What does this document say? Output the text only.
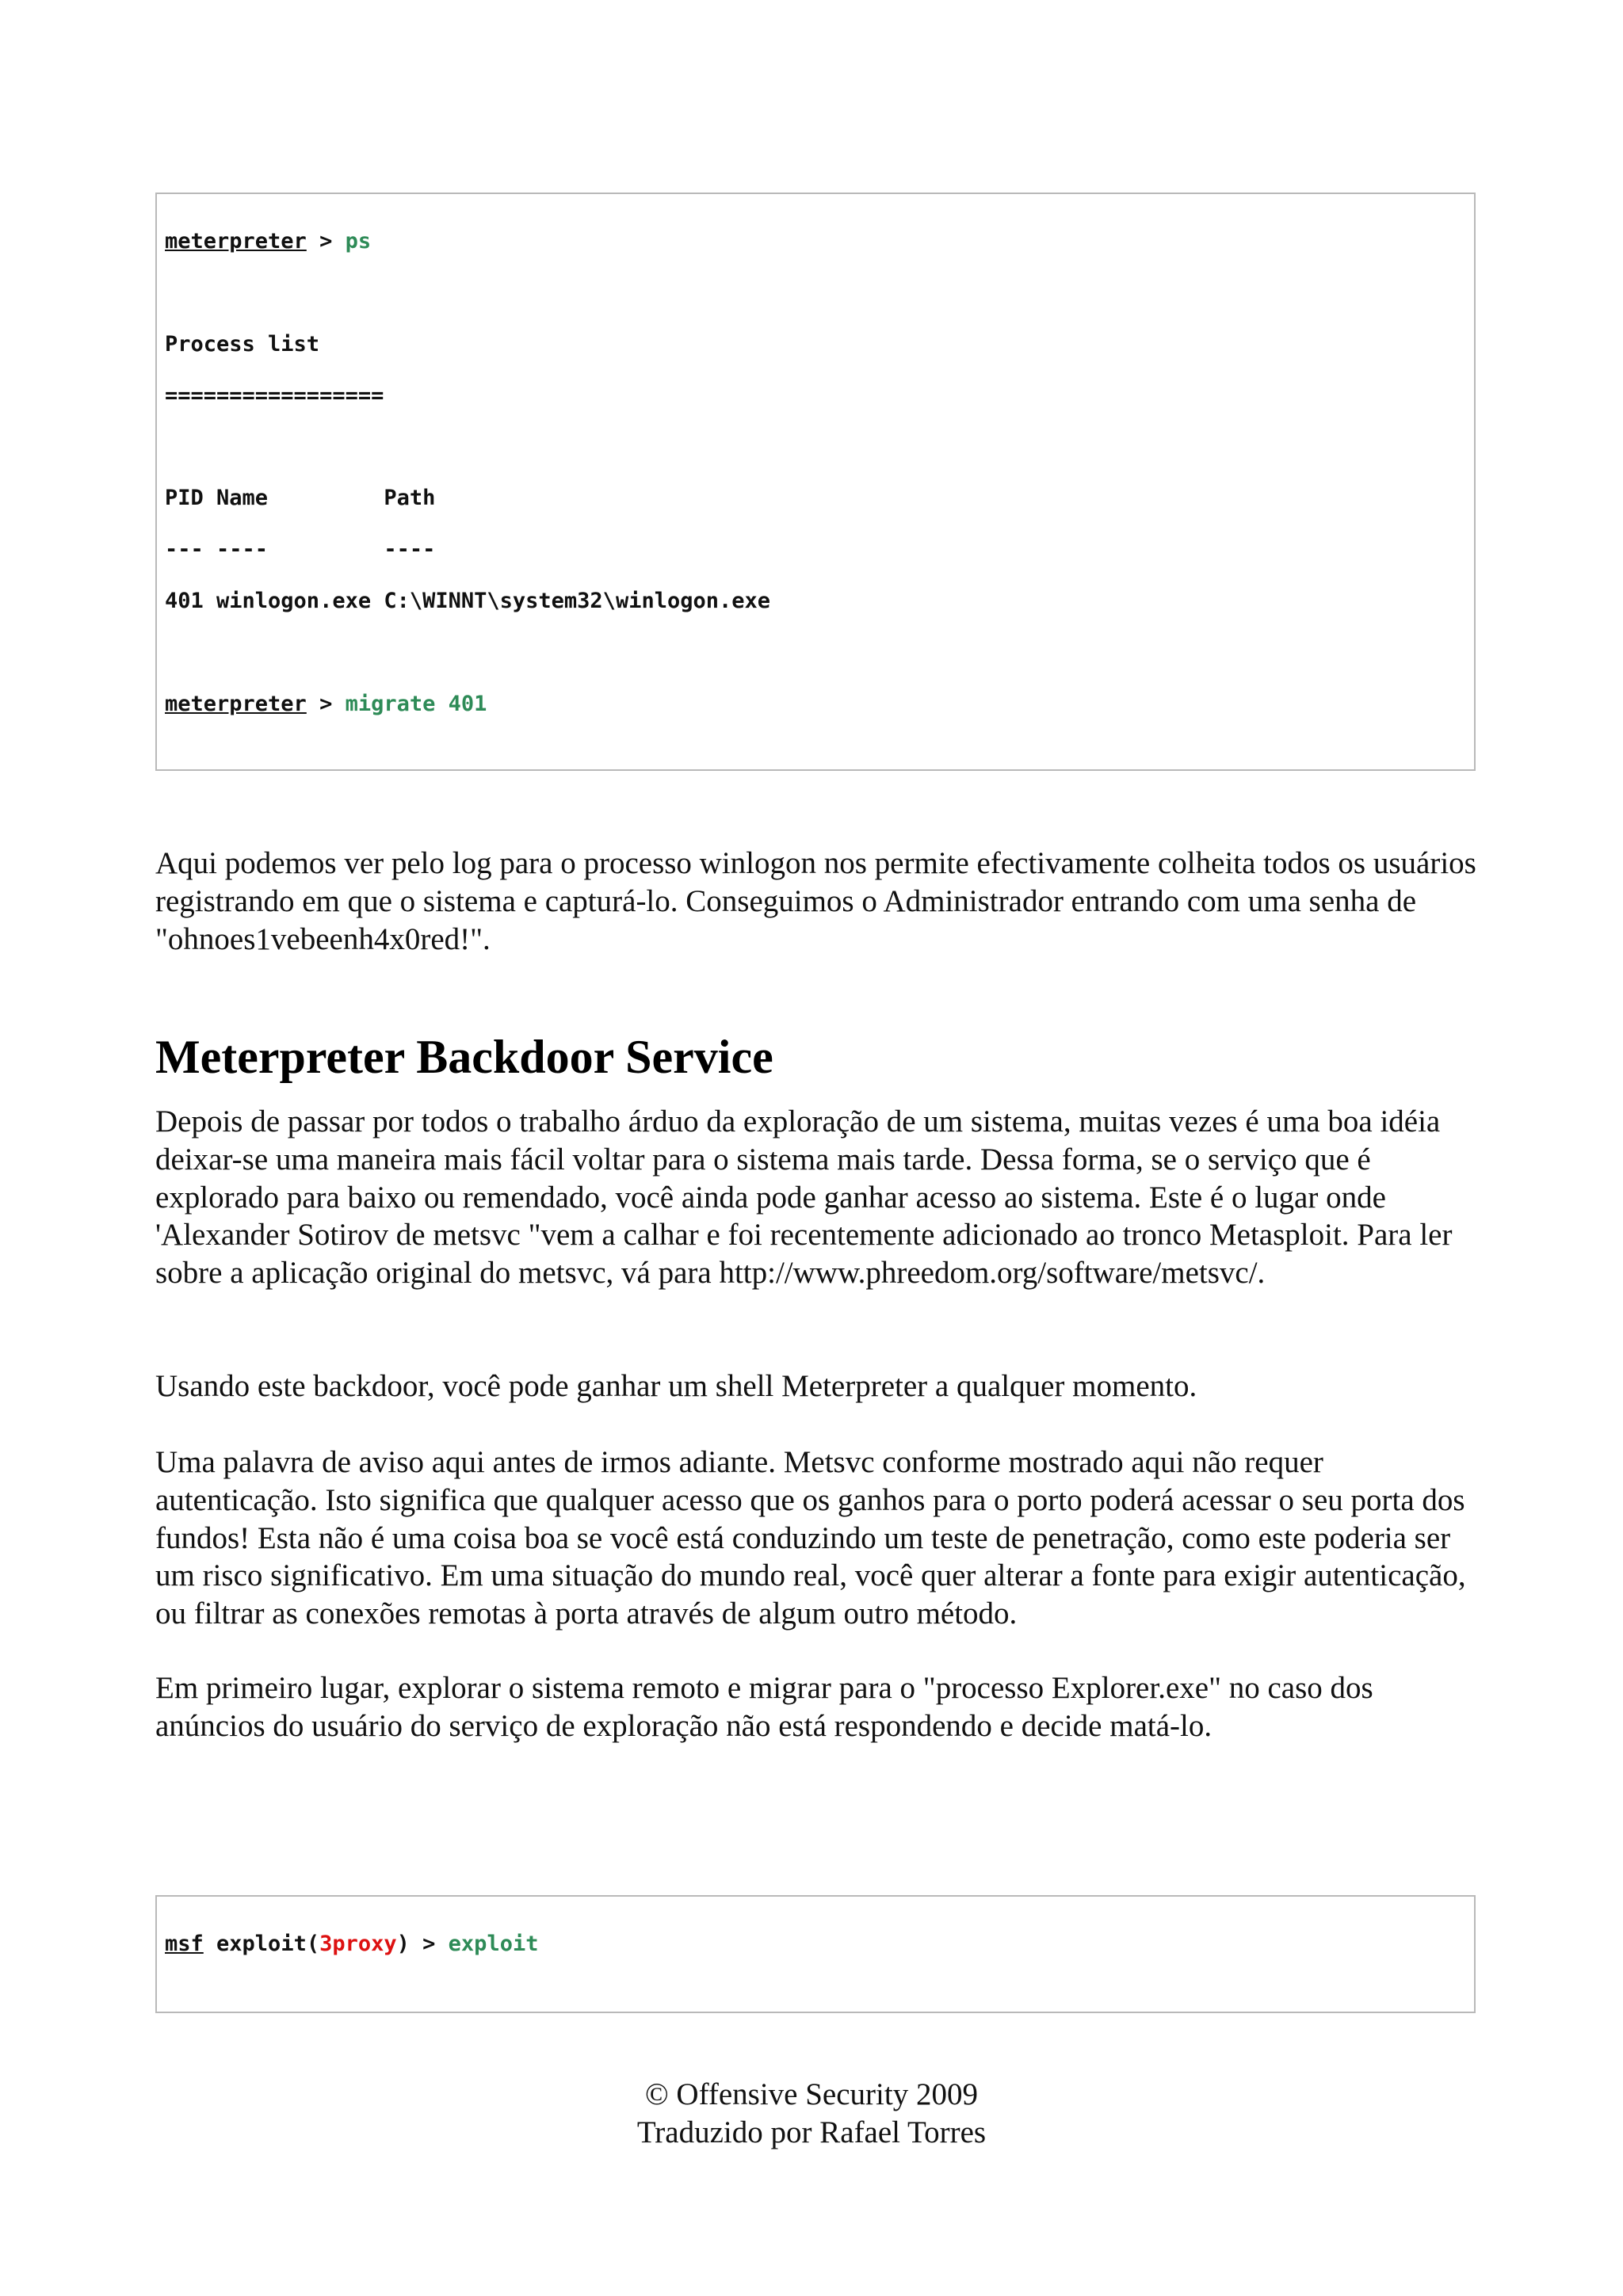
meterpreter > ps

Process list

=================

PID Name         Path

--- ----         ----

401 winlogon.exe C:\WINNT\system32\winlogon.exe

meterpreter > migrate 401

Aqui podemos ver pelo log para o processo winlogon nos permite efectivamente colheita todos os usuários registrando em que o sistema e capturá-lo. Conseguimos o Administrador entrando com uma senha de "ohnoes1vebeenh4x0red!".

Meterpreter Backdoor Service

Depois de passar por todos o trabalho árduo da exploração de um sistema, muitas vezes é uma boa idéia deixar-se uma maneira mais fácil voltar para o sistema mais tarde. Dessa forma, se o serviço que é explorado para baixo ou remendado, você ainda pode ganhar acesso ao sistema. Este é o lugar onde 'Alexander Sotirov de metsvc "vem a calhar e foi recentemente adicionado ao tronco Metasploit. Para ler sobre a aplicação original do metsvc, vá para http://www.phreedom.org/software/metsvc/.

Usando este backdoor, você pode ganhar um shell Meterpreter a qualquer momento.

Uma palavra de aviso aqui antes de irmos adiante. Metsvc conforme mostrado aqui não requer autenticação. Isto significa que qualquer acesso que os ganhos para o porto poderá acessar o seu porta dos fundos! Esta não é uma coisa boa se você está conduzindo um teste de penetração, como este poderia ser um risco significativo. Em uma situação do mundo real, você quer alterar a fonte para exigir autenticação, ou filtrar as conexões remotas à porta através de algum outro método.

Em primeiro lugar, explorar o sistema remoto e migrar para o "processo Explorer.exe" no caso dos anúncios do usuário do serviço de exploração não está respondendo e decide matá-lo.

msf exploit(3proxy) > exploit

© Offensive Security 2009
Traduzido por Rafael Torres
